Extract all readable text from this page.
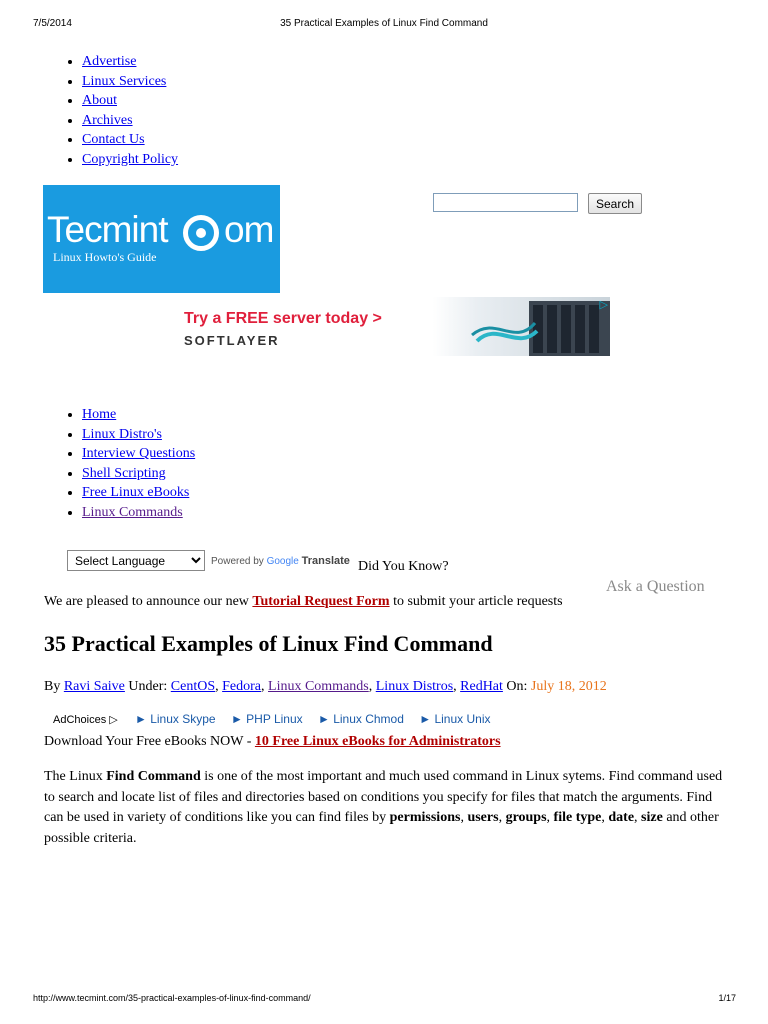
7/5/2014	35 Practical Examples of Linux Find Command
• Advertise
• Linux Services
• About
• Archives
• Contact Us
• Copyright Policy
Tecmint om
Linux Howto's Guide
Search
Try a FREE server today >
SOFTLAYER
▷
• Home
• Linux Distro's
• Interview Questions
• Shell Scripting
• Free Linux eBooks
• Linux Commands
Select Language
Powered by Google Translate Did You Know?
Ask a Question
We are pleased to announce our new Tutorial Request Form to submit your article requests
35 Practical Examples of Linux Find Command
By Ravi Saive Under: CentOS, Fedora, Linux Commands, Linux Distros, RedHat On: July 18, 2012
AdChoices ▷ ► Linux Skype ► PHP Linux ► Linux Chmod ► Linux Unix
Download Your Free eBooks NOW - 10 Free Linux eBooks for Administrators
The Linux Find Command is one of the most important and much used command in Linux sytems. Find command used to search and locate list of files and directories based on conditions you specify for files that match the arguments. Find can be used in variety of conditions like you can find files by permissions, users, groups, file type, date, size and other possible criteria.
http://www.tecmint.com/35-practical-examples-of-linux-find-command/	1/17
